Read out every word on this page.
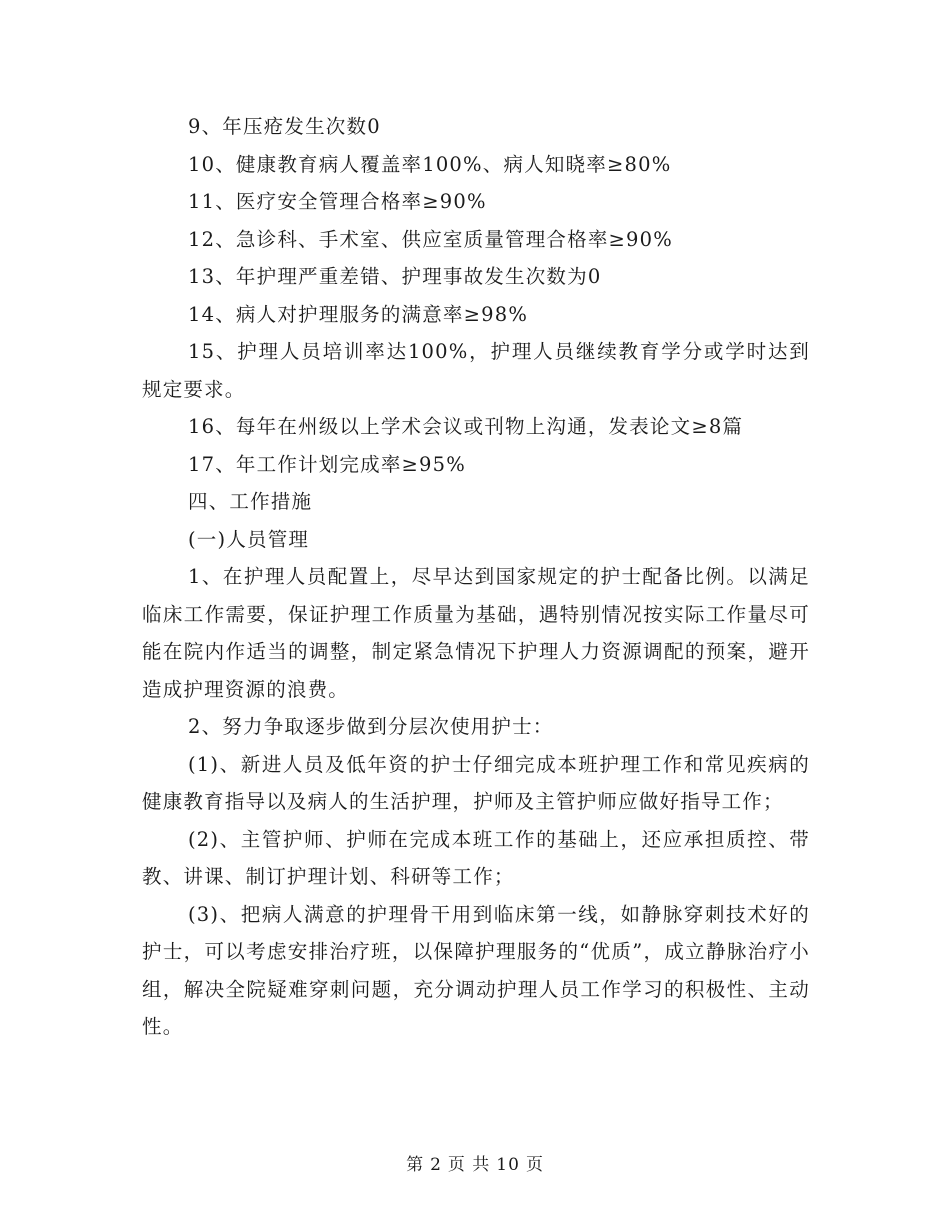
9、年压疮发生次数0

10、健康教育病人覆盖率100%、病人知晓率≥80%

11、医疗安全管理合格率≥90%

12、急诊科、手术室、供应室质量管理合格率≥90%

13、年护理严重差错、护理事故发生次数为0

14、病人对护理服务的满意率≥98%

15、护理人员培训率达100%，护理人员继续教育学分或学时达到规定要求。

16、每年在州级以上学术会议或刊物上沟通，发表论文≥8篇

17、年工作计划完成率≥95%

四、工作措施

(一)人员管理

1、在护理人员配置上，尽早达到国家规定的护士配备比例。以满足临床工作需要，保证护理工作质量为基础，遇特别情况按实际工作量尽可能在院内作适当的调整，制定紧急情况下护理人力资源调配的预案，避开造成护理资源的浪费。

2、努力争取逐步做到分层次使用护士：

(1)、新进人员及低年资的护士仔细完成本班护理工作和常见疾病的健康教育指导以及病人的生活护理，护师及主管护师应做好指导工作；

(2)、主管护师、护师在完成本班工作的基础上，还应承担质控、带教、讲课、制订护理计划、科研等工作；

(3)、把病人满意的护理骨干用到临床第一线，如静脉穿刺技术好的护士，可以考虑安排治疗班，以保障护理服务的“优质”，成立静脉治疗小组，解决全院疑难穿刺问题，充分调动护理人员工作学习的积极性、主动性。

第 2 页 共 10 页
